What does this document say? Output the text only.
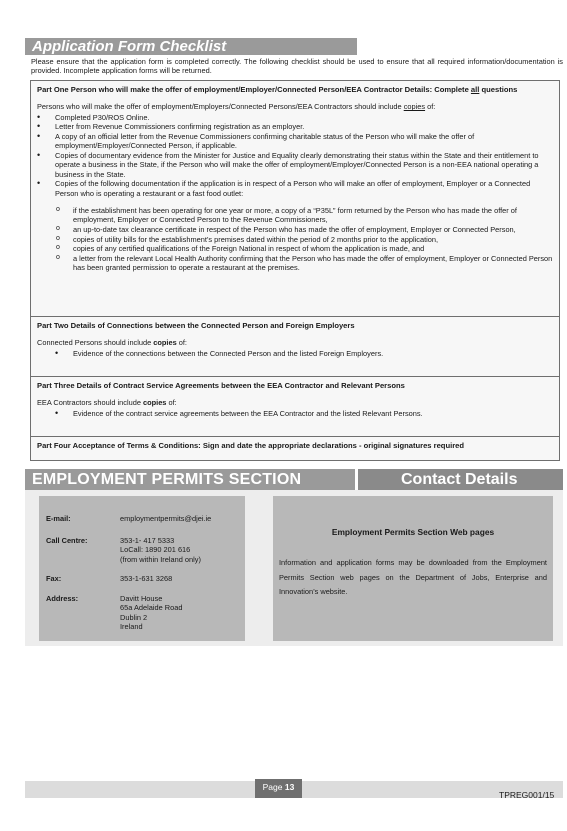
Application Form Checklist
Please ensure that the application form is completed correctly. The following checklist should be used to ensure that all required information/documentation is provided. Incomplete application forms will be returned.
Part One Person who will make the offer of employment/Employer/Connected Person/EEA Contractor Details: Complete all questions
Persons who will make the offer of employment/Employers/Connected Persons/EEA Contractors should include copies of:
• Completed P30/ROS Online.
• Letter from Revenue Commissioners confirming registration as an employer.
• A copy of an official letter from the Revenue Commissioners confirming charitable status of the Person who will make the offer of employment/Employer/Connected Person, if applicable.
• Copies of documentary evidence from the Minister for Justice and Equality clearly demonstrating their status within the State and their entitlement to operate a business in the State, if the Person who will make the offer of employment/Employer/Connected Person is a non-EEA national operating a business in the State.
• Copies of the following documentation if the application is in respect of a Person who will make an offer of employment, Employer or a Connected Person who is operating a restaurant or a fast food outlet:
o if the establishment has been operating for one year or more, a copy of a “P35L” form returned by the Person who has made the offer of employment, Employer or Connected Person to the Revenue Commissioners,
o an up-to-date tax clearance certificate in respect of the Person who has made the offer of employment, Employer or Connected Person,
o copies of utility bills for the establishment’s premises dated within the period of 2 months prior to the application,
o copies of any certified qualifications of the Foreign National in respect of whom the application is made, and
o a letter from the relevant Local Health Authority confirming that the Person who has made the offer of employment, Employer or Connected Person has been granted permission to operate a restaurant at the premises.
Part Two Details of Connections between the Connected Person and Foreign Employers
Connected Persons should include copies of:
• Evidence of the connections between the Connected Person and the listed Foreign Employers.
Part Three Details of Contract Service Agreements between the EEA Contractor and Relevant Persons
EEA Contractors should include copies of:
• Evidence of the contract service agreements between the EEA Contractor and the listed Relevant Persons.
Part Four Acceptance of Terms & Conditions: Sign and date the appropriate declarations - original signatures required
EMPLOYMENT PERMITS SECTION	Contact Details
E-mail:	employmentpermits@djei.ie
Call Centre:	353-1- 417 5333
LoCall: 1890 201 616
(from within Ireland only)
Fax:	353-1-631 3268
Address:	Davitt House
65a Adelaide Road
Dublin 2
Ireland
Employment Permits Section Web pages
Information and application forms may be downloaded from the Employment Permits Section web pages on the Department of Jobs, Enterprise and Innovation’s website.
Page 13
TPREG001/15
